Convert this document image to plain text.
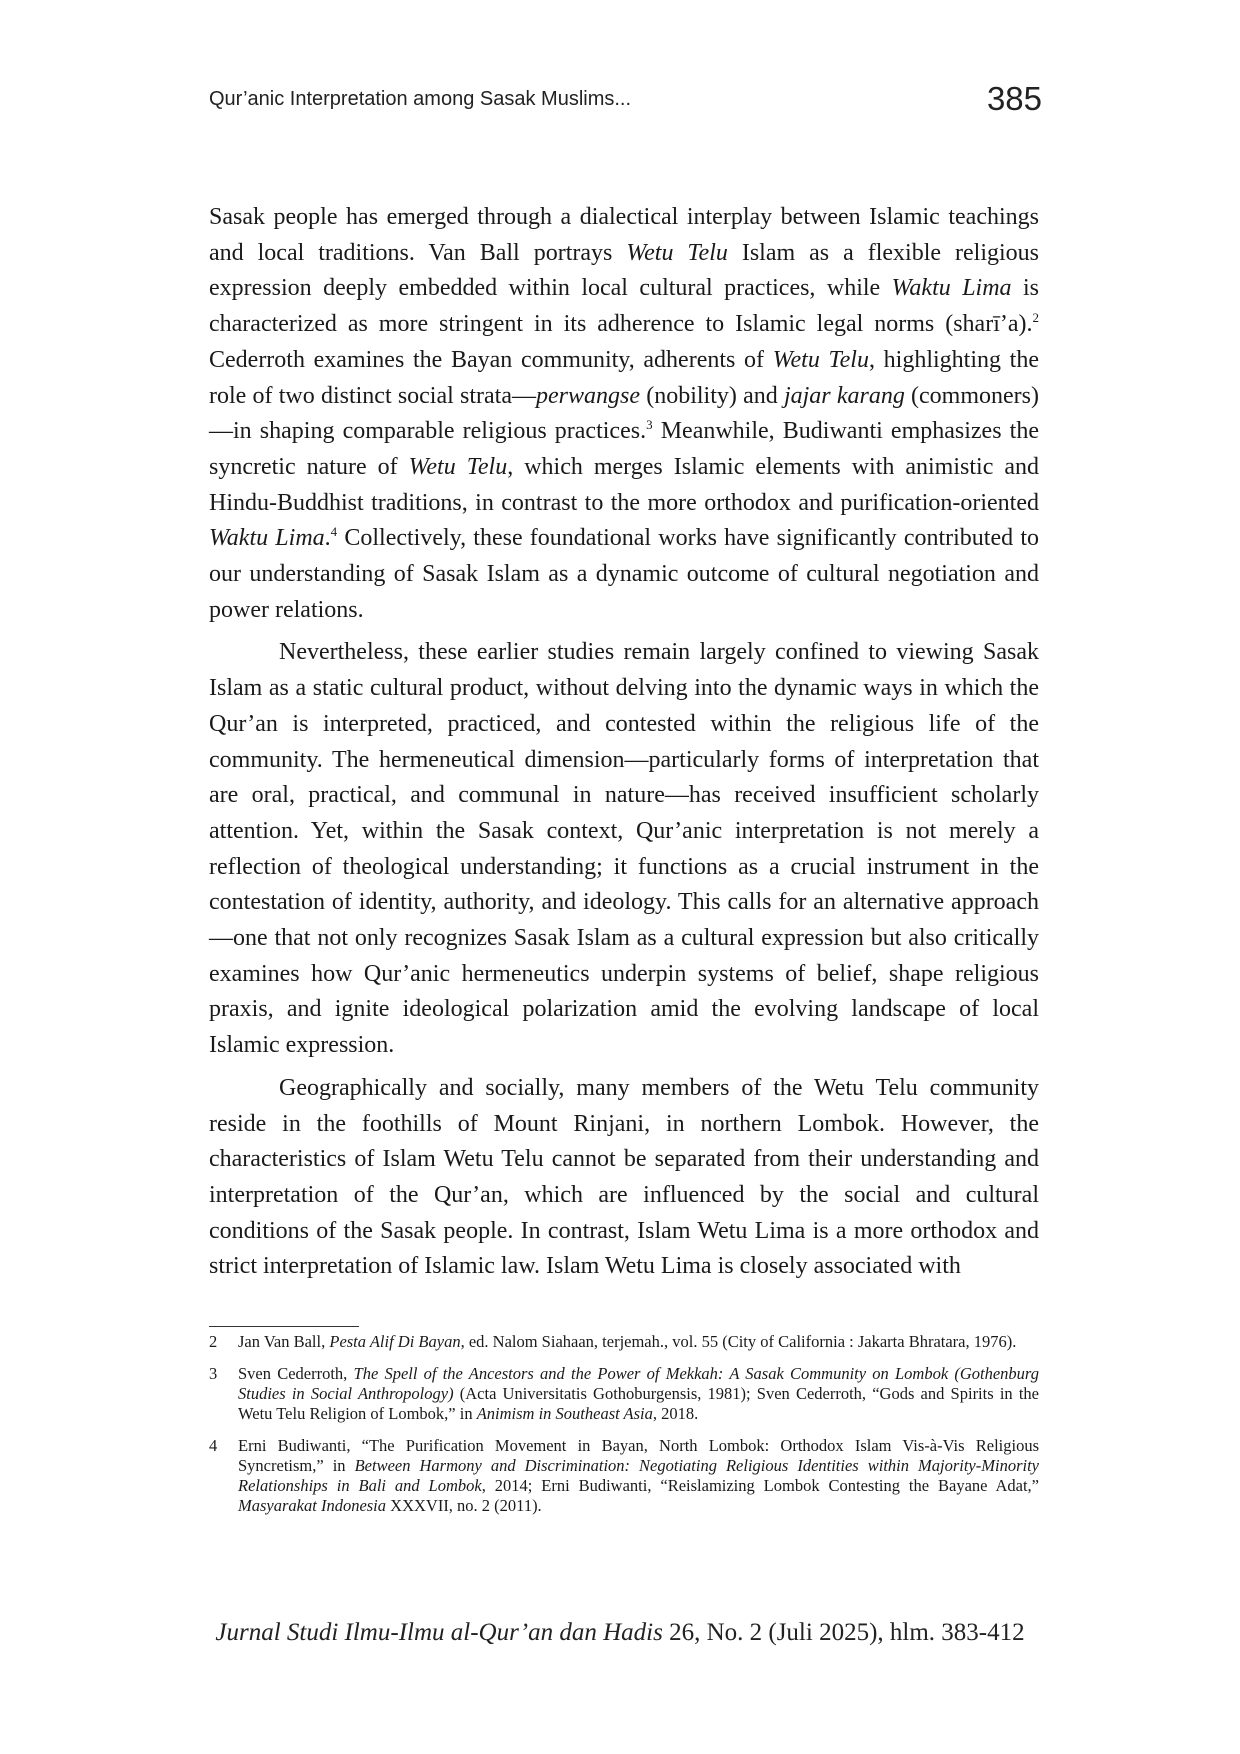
Qur’anic Interpretation among Sasak Muslims...	385

Sasak people has emerged through a dialectical interplay between Islamic teachings and local traditions. Van Ball portrays Wetu Telu Islam as a flexible religious expression deeply embedded within local cultural practices, while Waktu Lima is characterized as more stringent in its adherence to Islamic legal norms (sharī’a).$^2$ Cederroth examines the Bayan community, adherents of Wetu Telu, highlighting the role of two distinct social strata—perwangse (nobility) and jajar karang (commoners)—in shaping comparable religious practices.$^3$ Meanwhile, Budiwanti emphasizes the syncretic nature of Wetu Telu, which merges Islamic elements with animistic and Hindu-Buddhist traditions, in contrast to the more orthodox and purification-oriented Waktu Lima.$^4$ Collectively, these foundational works have significantly contributed to our understanding of Sasak Islam as a dynamic outcome of cultural negotiation and power relations.

Nevertheless, these earlier studies remain largely confined to viewing Sasak Islam as a static cultural product, without delving into the dynamic ways in which the Qur’an is interpreted, practiced, and contested within the religious life of the community. The hermeneutical dimension—particularly forms of interpretation that are oral, practical, and communal in nature—has received insufficient scholarly attention. Yet, within the Sasak context, Qur’anic interpretation is not merely a reflection of theological understanding; it functions as a crucial instrument in the contestation of identity, authority, and ideology. This calls for an alternative approach—one that not only recognizes Sasak Islam as a cultural expression but also critically examines how Qur’anic hermeneutics underpin systems of belief, shape religious praxis, and ignite ideological polarization amid the evolving landscape of local Islamic expression.

Geographically and socially, many members of the Wetu Telu community reside in the foothills of Mount Rinjani, in northern Lombok. However, the characteristics of Islam Wetu Telu cannot be separated from their understanding and interpretation of the Qur’an, which are influenced by the social and cultural conditions of the Sasak people. In contrast, Islam Wetu Lima is a more orthodox and strict interpretation of Islamic law. Islam Wetu Lima is closely associated with

2	Jan Van Ball, Pesta Alif Di Bayan, ed. Nalom Siahaan, terjemah., vol. 55 (City of California : Jakarta Bhratara, 1976).
3	Sven Cederroth, The Spell of the Ancestors and the Power of Mekkah: A Sasak Community on Lombok (Gothenburg Studies in Social Anthropology) (Acta Universitatis Gothoburgensis, 1981); Sven Cederroth, “Gods and Spirits in the Wetu Telu Religion of Lombok,” in Animism in Southeast Asia, 2018.
4	Erni Budiwanti, “The Purification Movement in Bayan, North Lombok: Orthodox Islam Vis-à-Vis Religious Syncretism,” in Between Harmony and Discrimination: Negotiating Religious Identities within Majority-Minority Relationships in Bali and Lombok, 2014; Erni Budiwanti, “Reislamizing Lombok Contesting the Bayane Adat,” Masyarakat Indonesia XXXVII, no. 2 (2011).
Jurnal Studi Ilmu-Ilmu al-Qur’an dan Hadis 26, No. 2 (Juli 2025), hlm. 383-412
